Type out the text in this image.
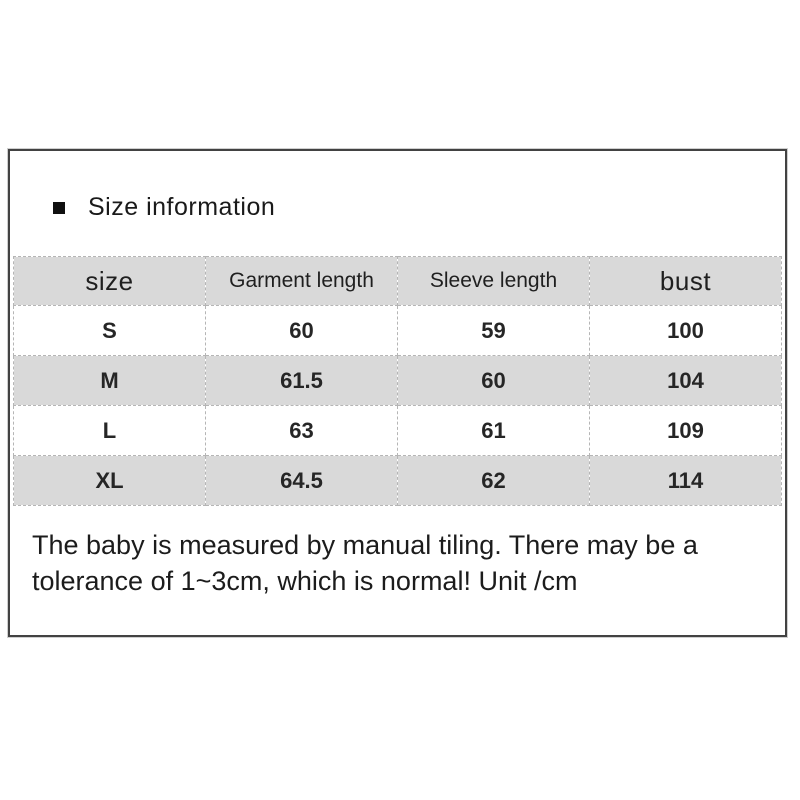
Size information
size	Garment length	Sleeve length	bust
S	60	59	100
M	61.5	60	104
L	63	61	109
XL	64.5	62	114
The baby is measured by manual tiling. There may be a
tolerance of 1~3cm, which is normal! Unit /cm
